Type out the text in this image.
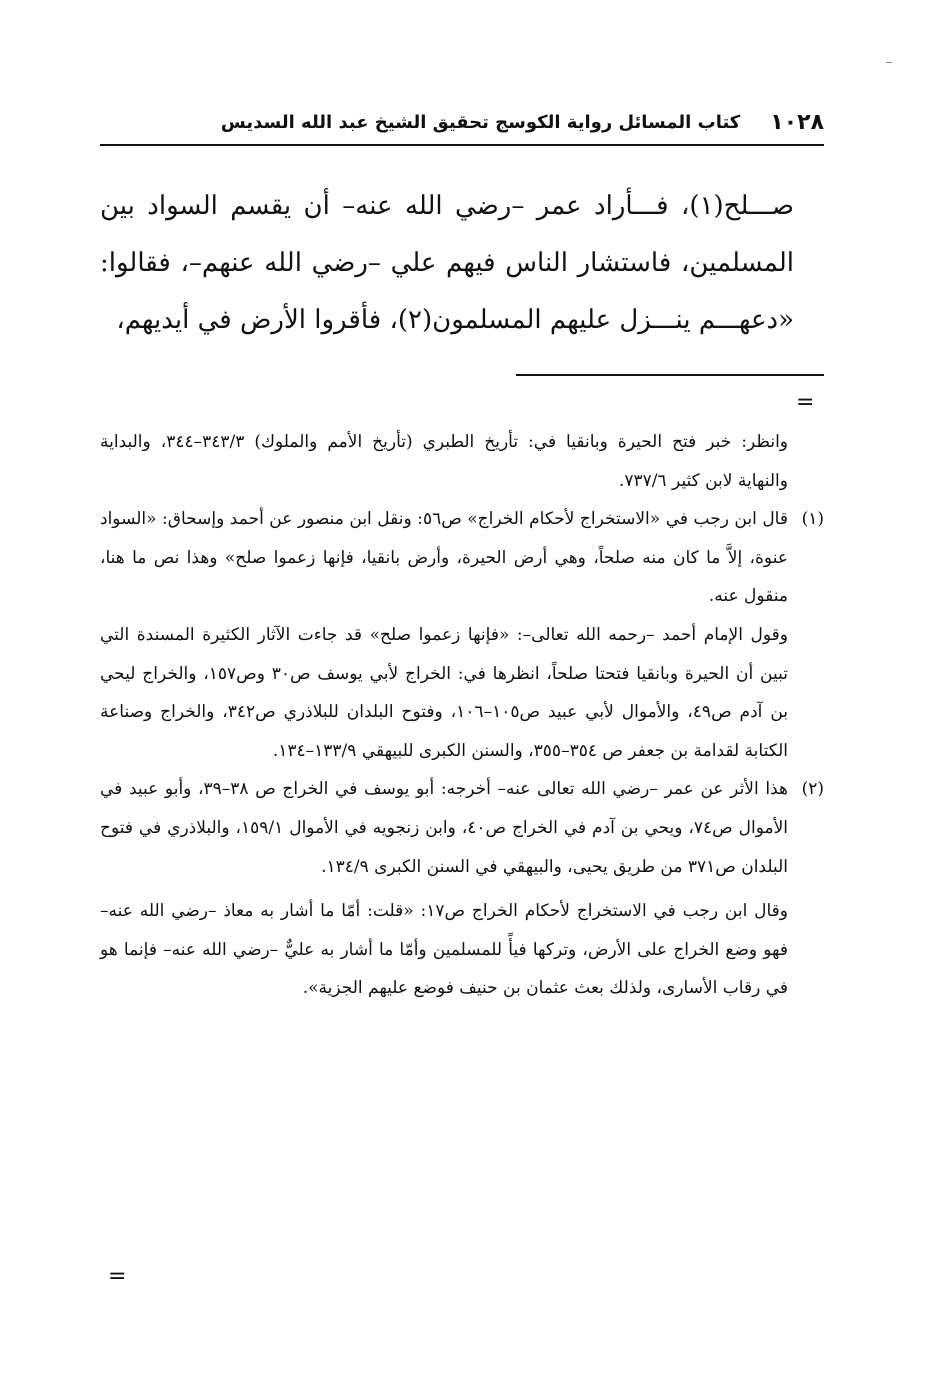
١٠٢٨
كتاب المسائل رواية الكوسج تحقيق الشيخ عبد الله السديس

صـــلح(١)، فـــأراد عمر –رضي الله عنه– أن يقسم السواد بين المسلمين، فاستشار الناس فيهم علي –رضي الله عنهم–، فقالوا: «دعهـــم ينـــزل عليهم المسلمون(٢)، فأقروا الأرض في أيديهم،

=

وانظر: خبر فتح الحيرة وبانقيا في: تأريخ الطبري (تأريخ الأمم والملوك) ٣٤٣/٣–٣٤٤، والبداية والنهاية لابن كثير ٧٣٧/٦.

(١)قال ابن رجب في «الاستخراج لأحكام الخراج» ص٥٦: ونقل ابن منصور عن أحمد وإسحاق: «السواد عنوة، إلاَّ ما كان منه صلحاً، وهي أرض الحيرة، وأرض بانقيا، فإنها زعموا صلح» وهذا نص ما هنا، منقول عنه.

وقول الإمام أحمد –رحمه الله تعالى–: «فإنها زعموا صلح» قد جاءت الآثار الكثيرة المسندة التي تبين أن الحيرة وبانقيا فتحتا صلحاً، انظرها في: الخراج لأبي يوسف ص٣٠ وص١٥٧، والخراج ليحي بن آدم ص٤٩، والأموال لأبي عبيد ص١٠٥–١٠٦، وفتوح البلدان للبلاذري ص٣٤٢، والخراج وصناعة الكتابة لقدامة بن جعفر ص ٣٥٤–٣٥٥، والسنن الكبرى للبيهقي ١٣٣/٩–١٣٤.

(٢)هذا الأثر عن عمر –رضي الله تعالى عنه– أخرجه: أبو يوسف في الخراج ص ٣٨–٣٩، وأبو عبيد في الأموال ص٧٤، ويحي بن آدم في الخراج ص٤٠، وابن زنجويه في الأموال ١٥٩/١، والبلاذري في فتوح البلدان ص٣٧١ من طريق يحيى، والبيهقي في السنن الكبرى ١٣٤/٩.

وقال ابن رجب في الاستخراج لأحكام الخراج ص١٧: «قلت: أمّا ما أشار به معاذ –رضي الله عنه– فهو وضع الخراج على الأرض، وتركها فيأً للمسلمين وأمّا ما أشار به عليٌّ –رضي الله عنه– فإنما هو في رقاب الأسارى، ولذلك بعث عثمان بن حنيف فوضع عليهم الجزية».

=
